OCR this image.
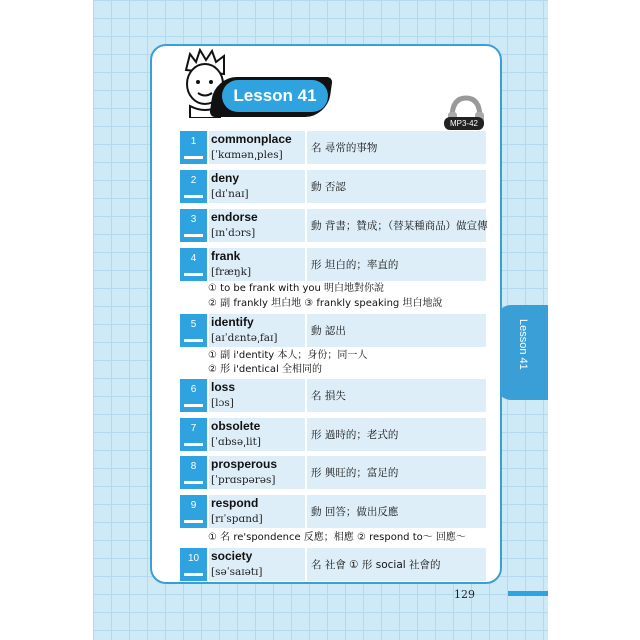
Lesson 41
Lesson 41
MP3-42
1	commonplace
[ˈkɑmən͵ples]
名 尋常的事物
2	deny
[dɪˈnaɪ]
動 否認
3	endorse
[ɪnˈdɔrs]
動 背書；贊成；（替某種商品）做宣傳
4	frank
[fræŋk]
形 坦白的；率直的
① to be frank with you 明白地對你說
② 副 frankly 坦白地 ③ frankly speaking 坦白地說
5	identify
[aɪˈdɛntə͵faɪ]
動 認出
① 副 i'dentity 本人；身份；同一人
② 形 i'dentical 全相同的
6	loss
[lɔs]
名 損失
7	obsolete
[ˈɑbsə͵lit]
形 過時的；老式的
8	prosperous
[ˈprɑspərəs]
形 興旺的；富足的
9	respond
[rɪˈspɑnd]
動 回答；做出反應
① 名 re'spondence 反應；相應 ② respond to～ 回應～
10 society
[səˈsaɪətɪ]
名 社會 ① 形 social 社會的
129
